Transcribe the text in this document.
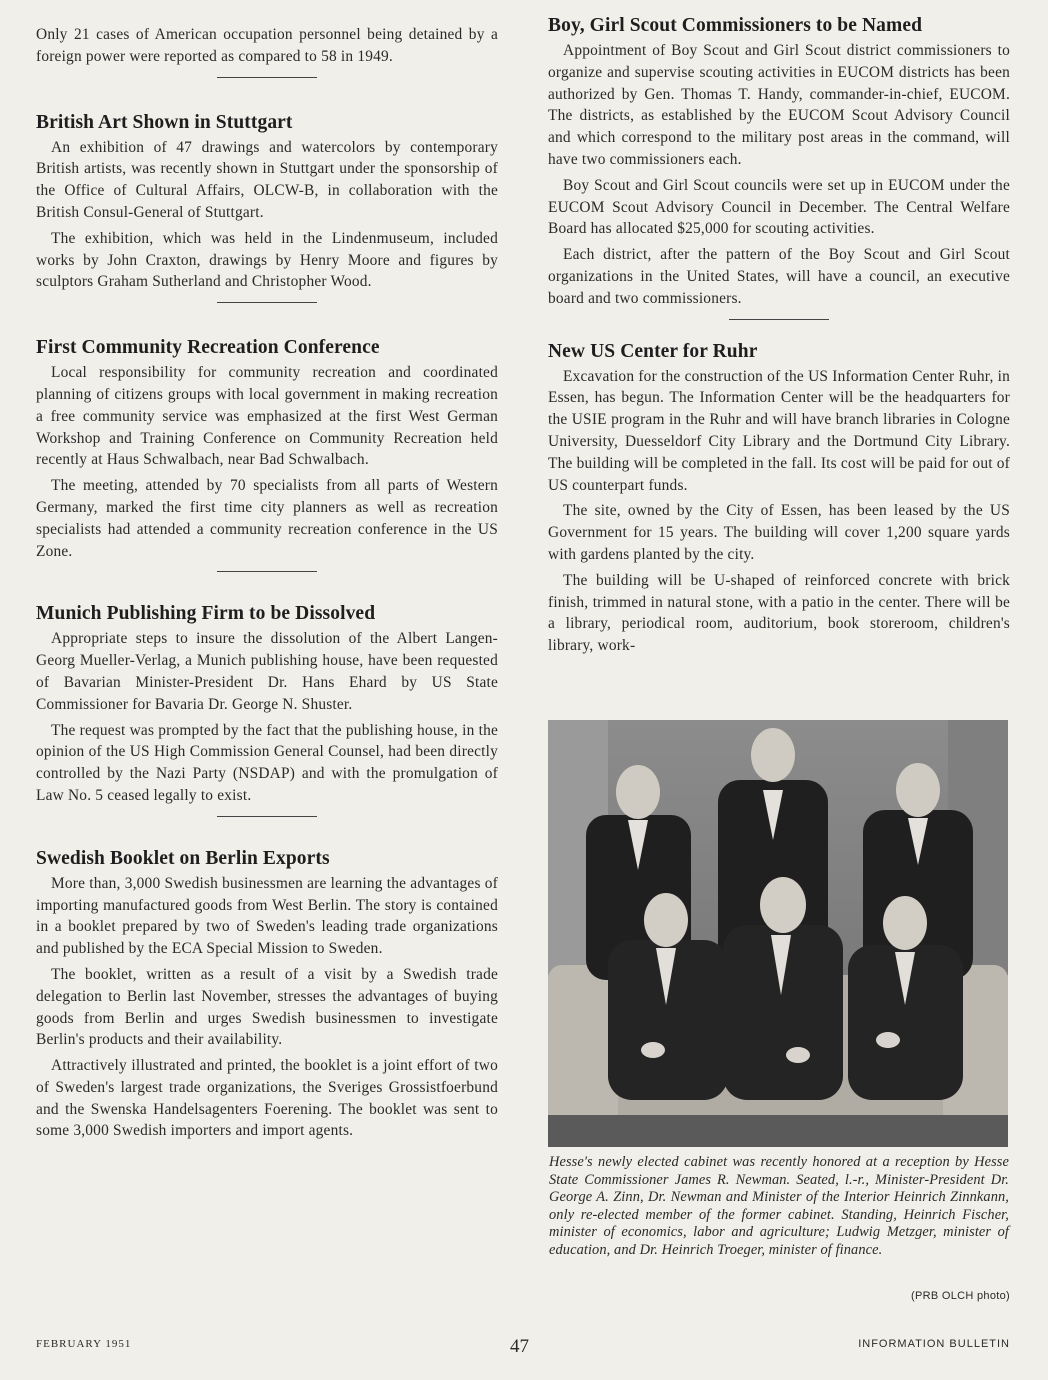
Only 21 cases of American occupation personnel being detained by a foreign power were reported as compared to 58 in 1949.

British Art Shown in Stuttgart

An exhibition of 47 drawings and watercolors by contemporary British artists, was recently shown in Stuttgart under the sponsorship of the Office of Cultural Affairs, OLCW-B, in collaboration with the British Consul-General of Stuttgart.

The exhibition, which was held in the Lindenmuseum, included works by John Craxton, drawings by Henry Moore and figures by sculptors Graham Sutherland and Christopher Wood.

First Community Recreation Conference

Local responsibility for community recreation and coordinated planning of citizens groups with local government in making recreation a free community service was emphasized at the first West German Workshop and Training Conference on Community Recreation held recently at Haus Schwalbach, near Bad Schwalbach.

The meeting, attended by 70 specialists from all parts of Western Germany, marked the first time city planners as well as recreation specialists had attended a community recreation conference in the US Zone.

Munich Publishing Firm to be Dissolved

Appropriate steps to insure the dissolution of the Albert Langen-Georg Mueller-Verlag, a Munich publishing house, have been requested of Bavarian Minister-President Dr. Hans Ehard by US State Commissioner for Bavaria Dr. George N. Shuster.

The request was prompted by the fact that the publishing house, in the opinion of the US High Commission General Counsel, had been directly controlled by the Nazi Party (NSDAP) and with the promulgation of Law No. 5 ceased legally to exist.

Swedish Booklet on Berlin Exports

More than, 3,000 Swedish businessmen are learning the advantages of importing manufactured goods from West Berlin. The story is contained in a booklet prepared by two of Sweden's leading trade organizations and published by the ECA Special Mission to Sweden.

The booklet, written as a result of a visit by a Swedish trade delegation to Berlin last November, stresses the advantages of buying goods from Berlin and urges Swedish businessmen to investigate Berlin's products and their availability.

Attractively illustrated and printed, the booklet is a joint effort of two of Sweden's largest trade organizations, the Sveriges Grossistfoerbund and the Swenska Handelsagenters Foerening. The booklet was sent to some 3,000 Swedish importers and import agents.

Boy, Girl Scout Commissioners to be Named

Appointment of Boy Scout and Girl Scout district commissioners to organize and supervise scouting activities in EUCOM districts has been authorized by Gen. Thomas T. Handy, commander-in-chief, EUCOM. The districts, as established by the EUCOM Scout Advisory Council and which correspond to the military post areas in the command, will have two commissioners each.

Boy Scout and Girl Scout councils were set up in EUCOM under the EUCOM Scout Advisory Council in December. The Central Welfare Board has allocated $25,000 for scouting activities.

Each district, after the pattern of the Boy Scout and Girl Scout organizations in the United States, will have a council, an executive board and two commissioners.

New US Center for Ruhr

Excavation for the construction of the US Information Center Ruhr, in Essen, has begun. The Information Center will be the headquarters for the USIE program in the Ruhr and will have branch libraries in Cologne University, Duesseldorf City Library and the Dortmund City Library. The building will be completed in the fall. Its cost will be paid for out of US counterpart funds.

The site, owned by the City of Essen, has been leased by the US Government for 15 years. The building will cover 1,200 square yards with gardens planted by the city.

The building will be U-shaped of reinforced concrete with brick finish, trimmed in natural stone, with a patio in the center. There will be a library, periodical room, auditorium, book storeroom, children's library, work-

Hesse's newly elected cabinet was recently honored at a reception by Hesse State Commissioner James R. Newman. Seated, l.-r., Minister-President Dr. George A. Zinn, Dr. Newman and Minister of the Interior Heinrich Zinnkann, only re-elected member of the former cabinet. Standing, Heinrich Fischer, minister of economics, labor and agriculture; Ludwig Metzger, minister of education, and Dr. Heinrich Troeger, minister of finance.
(PRB OLCH photo)
FEBRUARY 1951	47	INFORMATION BULLETIN
